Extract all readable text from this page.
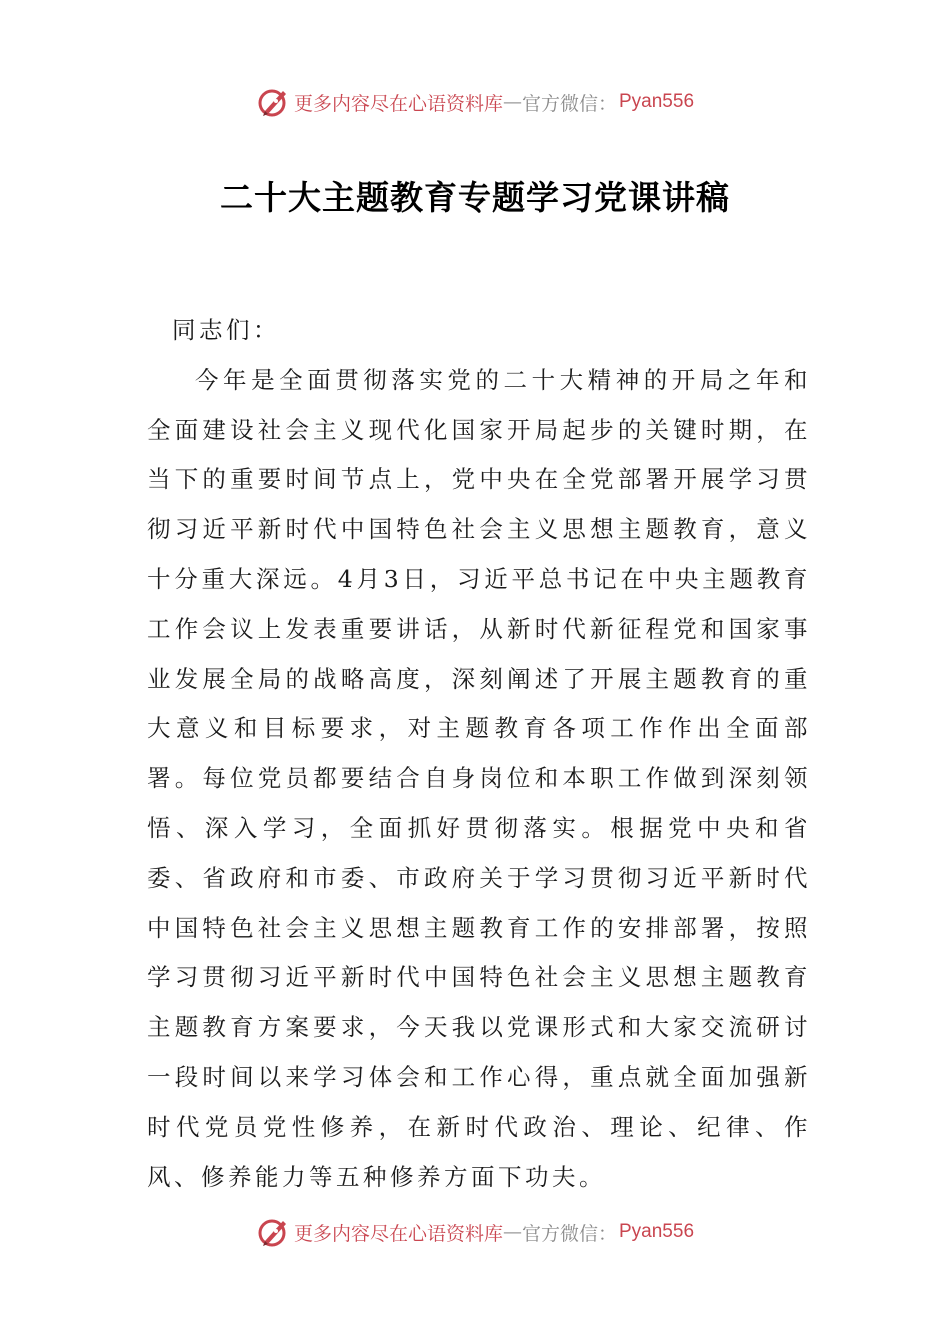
更多内容尽在心语资料库 — 官方微信： Pyan556
二十大主题教育专题学习党课讲稿

同志们：

今年是全面贯彻落实党的二十大精神的开局之年和全面建设社会主义现代化国家开局起步的关键时期，在当下的重要时间节点上，党中央在全党部署开展学习贯彻习近平新时代中国特色社会主义思想主题教育，意义十分重大深远。4月3日，习近平总书记在中央主题教育工作会议上发表重要讲话，从新时代新征程党和国家事业发展全局的战略高度，深刻阐述了开展主题教育的重大意义和目标要求，对主题教育各项工作作出全面部署。每位党员都要结合自身岗位和本职工作做到深刻领悟、深入学习，全面抓好贯彻落实。根据党中央和省委、省政府和市委、市政府关于学习贯彻习近平新时代中国特色社会主义思想主题教育工作的安排部署，按照学习贯彻习近平新时代中国特色社会主义思想主题教育主题教育方案要求，今天我以党课形式和大家交流研讨一段时间以来学习体会和工作心得，重点就全面加强新时代党员党性修养，在新时代政治、理论、纪律、作风、修养能力等五种修养方面下功夫。

更多内容尽在心语资料库 — 官方微信： Pyan556
